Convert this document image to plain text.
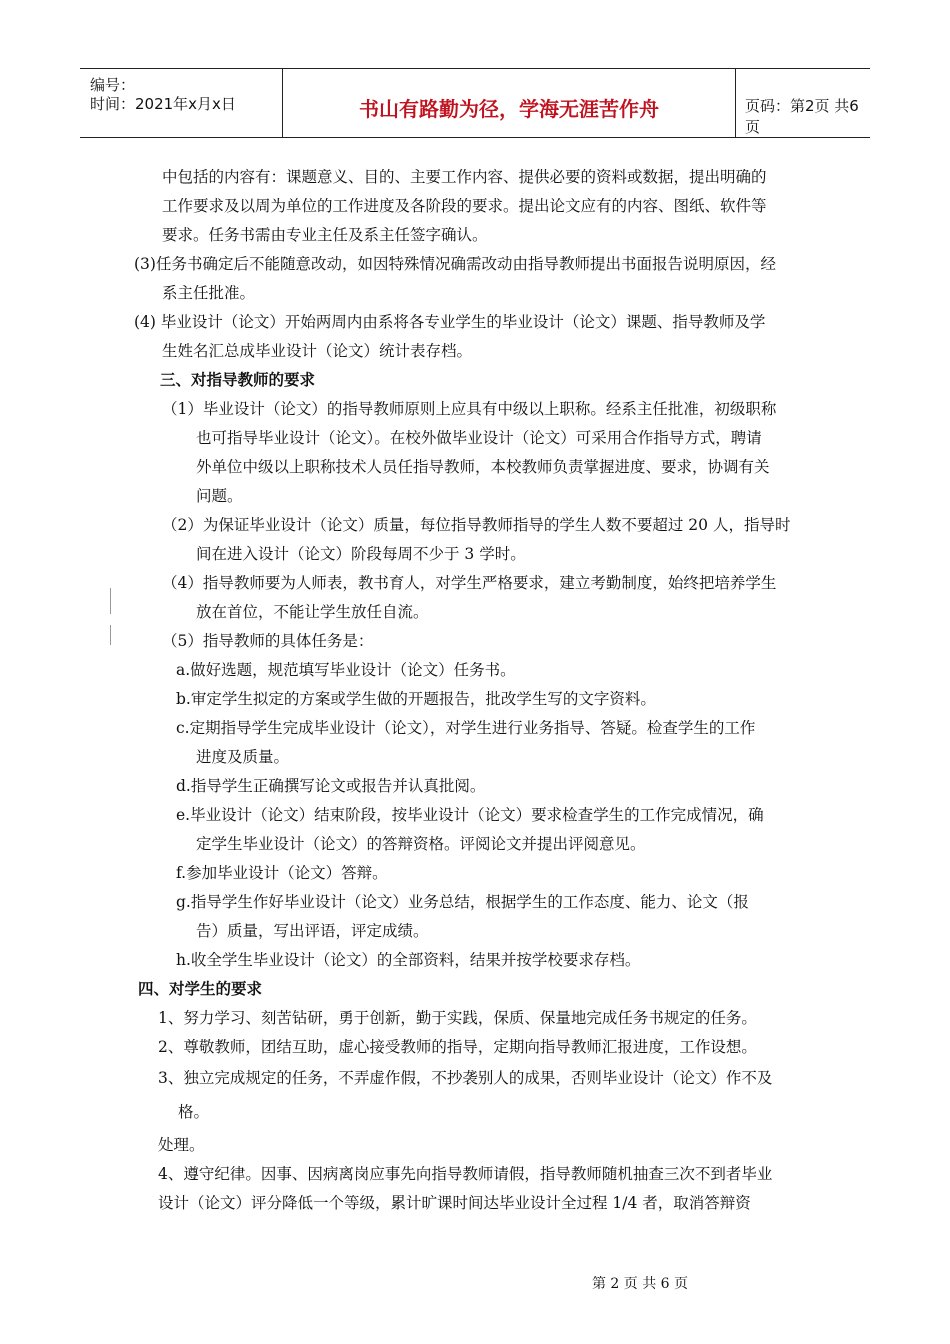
编号：
时间：2021年x月x日	书山有路勤为径，学海无涯苦作舟	页码：第2页 共6页
中包括的内容有：课题意义、目的、主要工作内容、提供必要的资料或数据，提出明确的
工作要求及以周为单位的工作进度及各阶段的要求。提出论文应有的内容、图纸、软件等
要求。任务书需由专业主任及系主任签字确认。
(3)任务书确定后不能随意改动，如因特殊情况确需改动由指导教师提出书面报告说明原因，经
系主任批准。
(4) 毕业设计（论文）开始两周内由系将各专业学生的毕业设计（论文）课题、指导教师及学
生姓名汇总成毕业设计（论文）统计表存档。
三、对指导教师的要求
（1）毕业设计（论文）的指导教师原则上应具有中级以上职称。经系主任批准，初级职称
也可指导毕业设计（论文）。在校外做毕业设计（论文）可采用合作指导方式，聘请
外单位中级以上职称技术人员任指导教师，本校教师负责掌握进度、要求，协调有关
问题。
（2）为保证毕业设计（论文）质量，每位指导教师指导的学生人数不要超过 20 人，指导时
间在进入设计（论文）阶段每周不少于 3 学时。
（4）指导教师要为人师表，教书育人，对学生严格要求，建立考勤制度，始终把培养学生
放在首位，不能让学生放任自流。
（5）指导教师的具体任务是：
a.做好选题，规范填写毕业设计（论文）任务书。
b.审定学生拟定的方案或学生做的开题报告，批改学生写的文字资料。
c.定期指导学生完成毕业设计（论文），对学生进行业务指导、答疑。检查学生的工作
进度及质量。
d.指导学生正确撰写论文或报告并认真批阅。
e.毕业设计（论文）结束阶段，按毕业设计（论文）要求检查学生的工作完成情况，确
定学生毕业设计（论文）的答辩资格。评阅论文并提出评阅意见。
f.参加毕业设计（论文）答辩。
g.指导学生作好毕业设计（论文）业务总结，根据学生的工作态度、能力、论文（报
告）质量，写出评语，评定成绩。
h.收全学生毕业设计（论文）的全部资料，结果并按学校要求存档。
四、对学生的要求
1、努力学习、刻苦钻研，勇于创新，勤于实践，保质、保量地完成任务书规定的任务。
2、尊敬教师，团结互助，虚心接受教师的指导，定期向指导教师汇报进度，工作设想。
3、独立完成规定的任务，不弄虚作假，不抄袭别人的成果，否则毕业设计（论文）作不及
格。
处理。
4、遵守纪律。因事、因病离岗应事先向指导教师请假，指导教师随机抽查三次不到者毕业
设计（论文）评分降低一个等级，累计旷课时间达毕业设计全过程 1/4 者，取消答辩资
第 2 页 共 6 页
